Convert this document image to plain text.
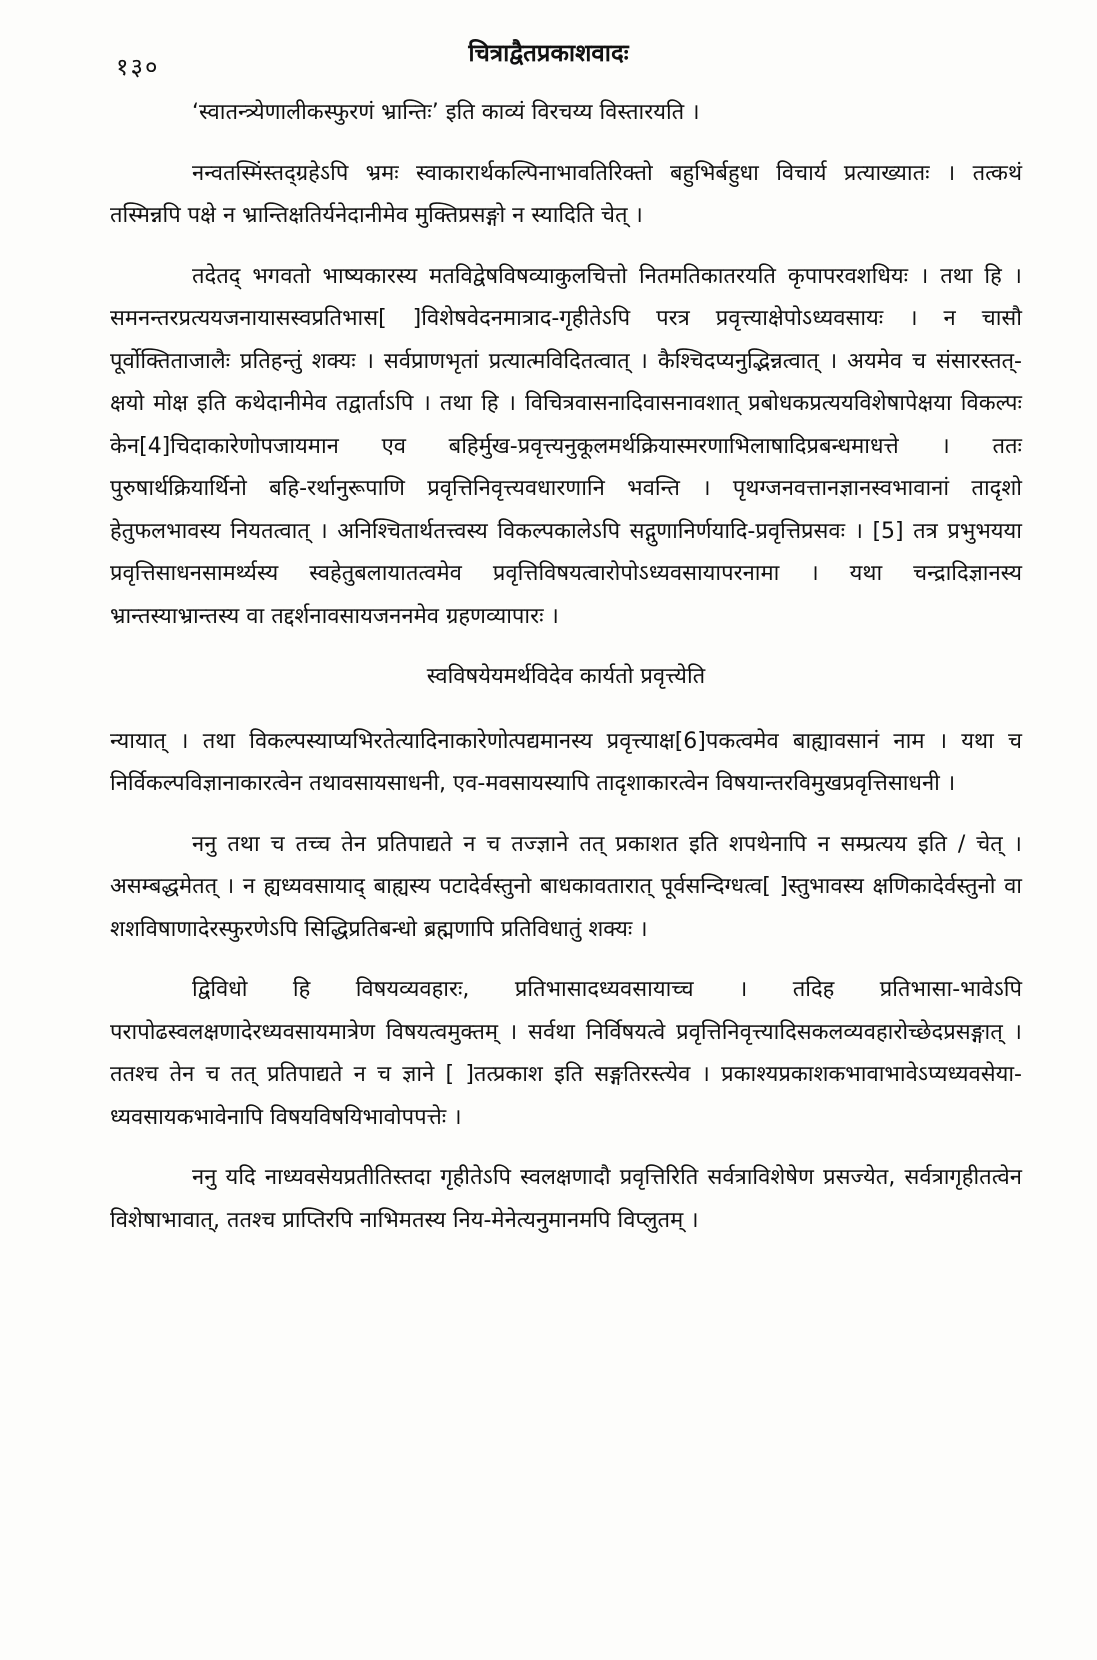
१३०	चित्राद्वैतप्रकाशवादः

‘स्वातन्त्र्येणालीकस्फुरणं भ्रान्तिः’ इति काव्यं विरचय्य विस्तारयति ।

नन्वतस्मिंस्तद्ग्रहेऽपि भ्रमः स्वाकारार्थकल्पिनाभावतिरिक्तो बहुभिर्बहुधा विचार्य प्रत्याख्यातः । तत्कथं तस्मिन्नपि पक्षे न भ्रान्तिक्षतिर्यनेदानीमेव मुक्तिप्रसङ्गो न स्यादिति चेत् ।

तदेतद् भगवतो भाष्यकारस्य मतविद्वेषविषव्याकुलचित्तो नितमतिकातरयति कृपापरवशधियः । तथा हि । समनन्तरप्रत्ययजनायासस्वप्रतिभास[ ]विशेषवेदनमात्राद-गृहीतेऽपि परत्र प्रवृत्त्याक्षेपोऽध्यवसायः । न चासौ पूर्वोक्तिताजालैः प्रतिहन्तुं शक्यः । सर्वप्राणभृतां प्रत्यात्मविदितत्वात् । कैश्चिदप्यनुद्भिन्नत्वात् । अयमेव च संसारस्तत्-क्षयो मोक्ष इति कथेदानीमेव तद्वार्ताऽपि । तथा हि । विचित्रवासनादिवासनावशात् प्रबोधकप्रत्ययविशेषापेक्षया विकल्पः केन[4]चिदाकारेणोपजायमान एव बहिर्मुख-प्रवृत्त्यनुकूलमर्थक्रियास्मरणाभिलाषादिप्रबन्धमाधत्ते । ततः पुरुषार्थक्रियार्थिनो बहि-रर्थानुरूपाणि प्रवृत्तिनिवृत्त्यवधारणानि भवन्ति । पृथग्जनवत्तानज्ञानस्वभावानां तादृशो हेतुफलभावस्य नियतत्वात् । अनिश्चितार्थतत्त्वस्य विकल्पकालेऽपि सद्गुणानिर्णयादि-प्रवृत्तिप्रसवः । [5] तत्र प्रभुभयया प्रवृत्तिसाधनसामर्थ्यस्य स्वहेतुबलायातत्वमेव प्रवृत्तिविषयत्वारोपोऽध्यवसायापरनामा । यथा चन्द्रादिज्ञानस्य भ्रान्तस्याभ्रान्तस्य वा तद्दर्शनावसायजननमेव ग्रहणव्यापारः ।

स्वविषयेयमर्थविदेव कार्यतो प्रवृत्त्येति

न्यायात् । तथा विकल्पस्याप्यभिरतेत्यादिनाकारेणोत्पद्यमानस्य प्रवृत्त्याक्ष[6]पकत्वमेव बाह्यावसानं नाम । यथा च निर्विकल्पविज्ञानाकारत्वेन तथावसायसाधनी, एव-मवसायस्यापि तादृशाकारत्वेन विषयान्तरविमुखप्रवृत्तिसाधनी ।

ननु तथा च तच्च तेन प्रतिपाद्यते न च तज्ज्ञाने तत् प्रकाशत इति शपथेनापि न सम्प्रत्यय इति / चेत् । असम्बद्धमेतत् । न ह्यध्यवसायाद् बाह्यस्य पटादेर्वस्तुनो बाधकावतारात् पूर्वसन्दिग्धत्व[ ]स्तुभावस्य क्षणिकादेर्वस्तुनो वा शशविषाणादेरस्फुरणेऽपि सिद्धिप्रतिबन्धो ब्रह्मणापि प्रतिविधातुं शक्यः ।

द्विविधो हि विषयव्यवहारः, प्रतिभासादध्यवसायाच्च । तदिह प्रतिभासा-भावेऽपि परापोढस्वलक्षणादेरध्यवसायमात्रेण विषयत्वमुक्तम् । सर्वथा निर्विषयत्वे प्रवृत्तिनिवृत्त्यादिसकलव्यवहारोच्छेदप्रसङ्गात् । ततश्च तेन च तत् प्रतिपाद्यते न च ज्ञाने [ ]तत्प्रकाश इति सङ्गतिरस्त्येव । प्रकाश्यप्रकाशकभावाभावेऽप्यध्यवसेया-ध्यवसायकभावेनापि विषयविषयिभावोपपत्तेः ।

ननु यदि नाध्यवसेयप्रतीतिस्तदा गृहीतेऽपि स्वलक्षणादौ प्रवृत्तिरिति सर्वत्राविशेषेण प्रसज्येत, सर्वत्रागृहीतत्वेन विशेषाभावात्, ततश्च प्राप्तिरपि नाभिमतस्य निय-मेनेत्यनुमानमपि विप्लुतम् ।
